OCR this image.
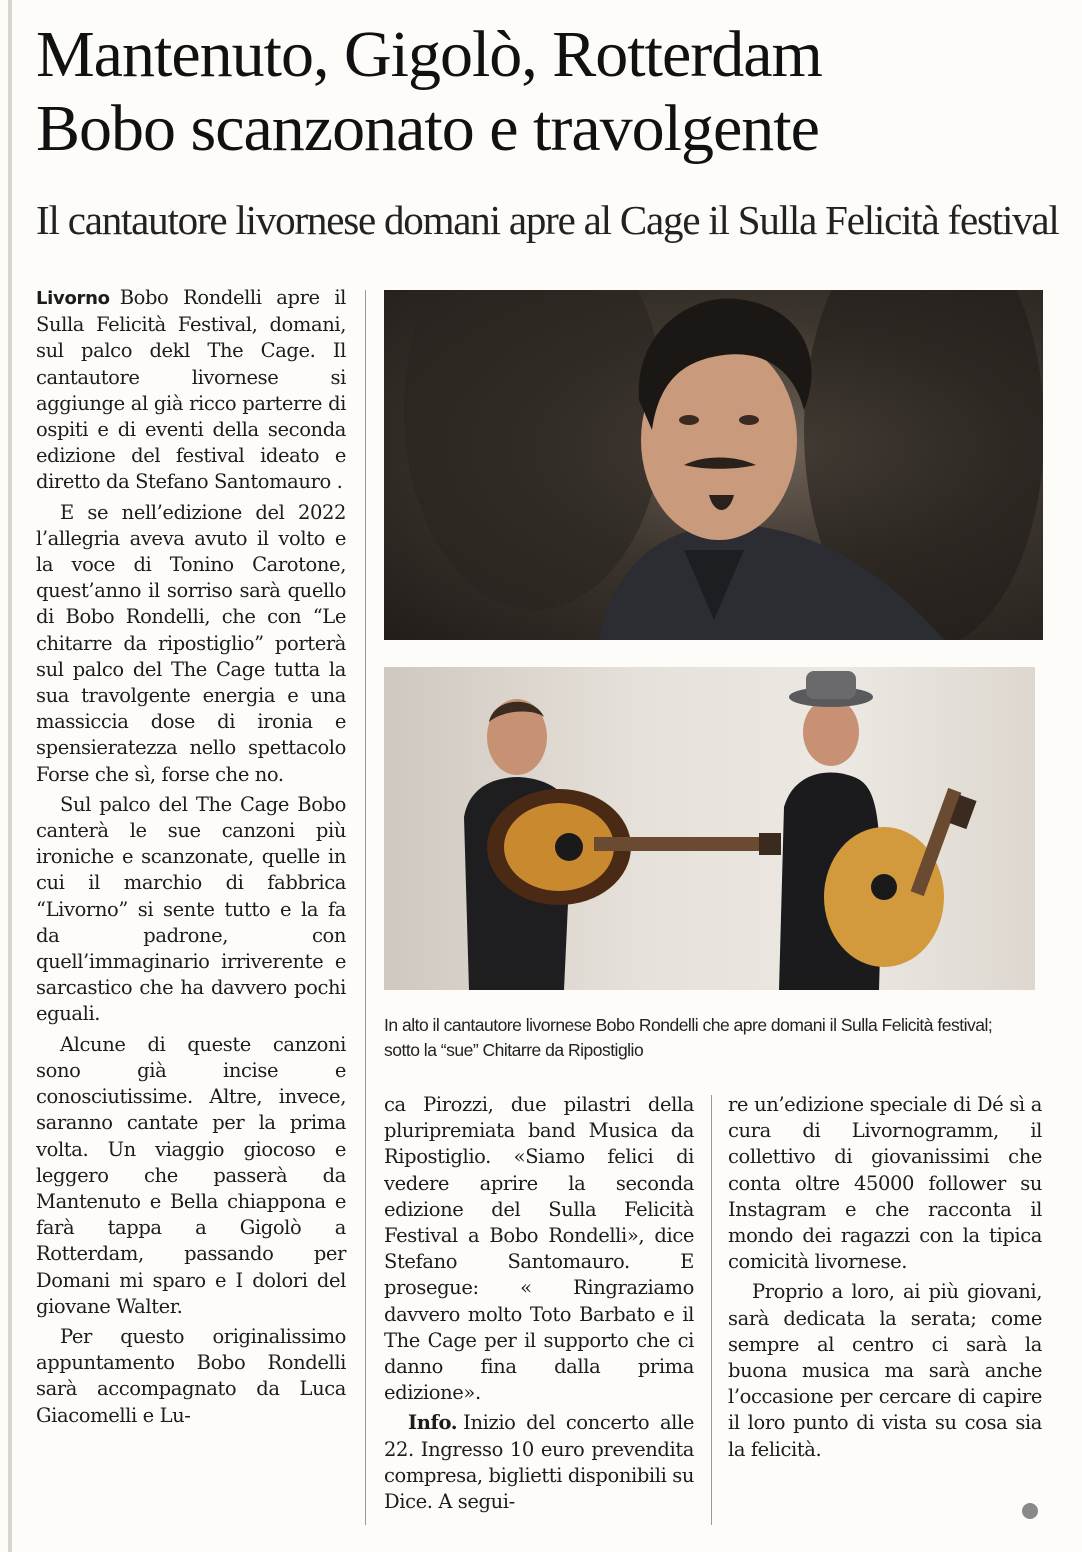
Mantenuto, Gigolò, Rotterdam
Bobo scanzonato e travolgente
Il cantautore livornese domani apre al Cage il Sulla Felicità festival

Livorno Bobo Rondelli apre il Sulla Felicità Festival, domani, sul palco dekl The Cage. Il cantautore livornese si aggiunge al già ricco parterre di ospiti e di eventi della seconda edizione del festival ideato e diretto da Stefano Santomauro .

E se nell’edizione del 2022 l’allegria aveva avuto il volto e la voce di Tonino Carotone, quest’anno il sorriso sarà quello di Bobo Rondelli, che con “Le chitarre da ripostiglio” porterà sul palco del The Cage tutta la sua travolgente energia e una massiccia dose di ironia e spensieratezza nello spettacolo Forse che sì, forse che no.

Sul palco del The Cage Bobo canterà le sue canzoni più ironiche e scanzonate, quelle in cui il marchio di fabbrica “Livorno” si sente tutto e la fa da padrone, con quell’immaginario irriverente e sarcastico che ha davvero pochi eguali.

Alcune di queste canzoni sono già incise e conosciutissime. Altre, invece, saranno cantate per la prima volta. Un viaggio giocoso e leggero che passerà da Mantenuto e Bella chiappona e farà tappa a Gigolò a Rotterdam, passando per Domani mi sparo e I dolori del giovane Walter.

Per questo originalissimo appuntamento Bobo Rondelli sarà accompagnato da Luca Giacomelli e Lu-

In alto il cantautore livornese Bobo Rondelli che apre domani il Sulla Felicità festival; sotto la “sue” Chitarre da Ripostiglio

ca Pirozzi, due pilastri della pluripremiata band Musica da Ripostiglio. «Siamo felici di vedere aprire la seconda edizione del Sulla Felicità Festival a Bobo Rondelli», dice Stefano Santomauro. E prosegue: « Ringraziamo davvero molto Toto Barbato e il The Cage per il supporto che ci danno fina dalla prima edizione».

Info. Inizio del concerto alle 22. Ingresso 10 euro prevendita compresa, biglietti disponibili su Dice. A segui-

re un’edizione speciale di Dé sì a cura di Livornogramm, il collettivo di giovanissimi che conta oltre 45000 follower su Instagram e che racconta il mondo dei ragazzi con la tipica comicità livornese.

Proprio a loro, ai più giovani, sarà dedicata la serata; come sempre al centro ci sarà la buona musica ma sarà anche l’occasione per cercare di capire il loro punto di vista su cosa sia la felicità.
